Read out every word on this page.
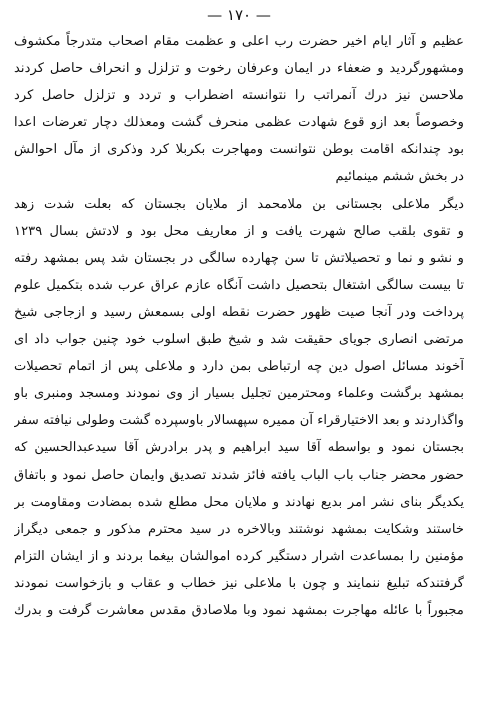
— ۱۷۰ —
عظیم و آثار ایام اخیر حضرت رب اعلی و عظمت مقام اصحاب متدرجاً مکشوف
ومشهورگردید و ضعفاء در ایمان وعرفان رخوت و تزلزل و انحراف حاصل کردند
ملاحسن نیز درك آنمراتب را نتوانسته اضطراب و تردد و تزلزل حاصل کرد
وخصوصاً بعد ازو قوع شهادت عظمی منحرف گشت ومعذلك دچار تعرضات اعدا
بود چندانکه اقامت بوطن نتوانست ومهاجرت بکربلا کرد وذکری از مآل احوالش
در بخش ششم مینمائیم
دیگر ملاعلی بجستانی بن ملامحمد از ملایان بجستان که بعلت شدت زهد
و تقوی بلقب صالح شهرت یافت و از معاریف محل بود و لادتش بسال ۱۲۳۹
و نشو و نما و تحصیلاتش تا سن چهارده سالگی در بجستان شد پس بمشهد رفته
تا بیست سالگی اشتغال بتحصیل داشت آنگاه عازم عراق عرب شده بتکمیل علوم
پرداخت ودر آنجا صیت ظهور حضرت نقطه اولی بسمعش رسید و ازجاجی شیخ
مرتضی انصاری جویای حقیقت شد و شیخ طبق اسلوب خود چنین جواب داد ای
آخوند مسائل اصول دین چه ارتباطی بمن دارد و ملاعلی پس از اتمام تحصیلات
بمشهد برگشت وعلماء ومحترمین تجلیل بسیار از وی نمودند ومسجد ومنبری باو
واگذاردند و بعد الاختیارقراء آن ممیره سپهسالار باوسپرده گشت وطولی نیافته سفر
بجستان نمود و بواسطه آقا سید ابراهیم و پدر برادرش آقا سیدعبدالحسین که
حضور محضر جناب باب الباب یافته فائز شدند تصدیق وایمان حاصل نمود و باتفاق
یکدیگر بنای نشر امر بدیع نهادند و ملایان محل مطلع شده بمضادت ومقاومت بر
خاستند وشکایت بمشهد نوشتند وبالاخره در سید محترم مذکور و جمعی دیگراز
مؤمنین را بمساعدت اشرار دستگیر کرده اموالشان بیغما بردند و از ایشان التزام
گرفتندکه تبلیغ ننمایند و چون با ملاعلی نیز خطاب و عقاب و بازخواست نمودند
مجبوراً با عائله مهاجرت بمشهد نمود وبا ملاصادق مقدس معاشرت گرفت و بدرك
